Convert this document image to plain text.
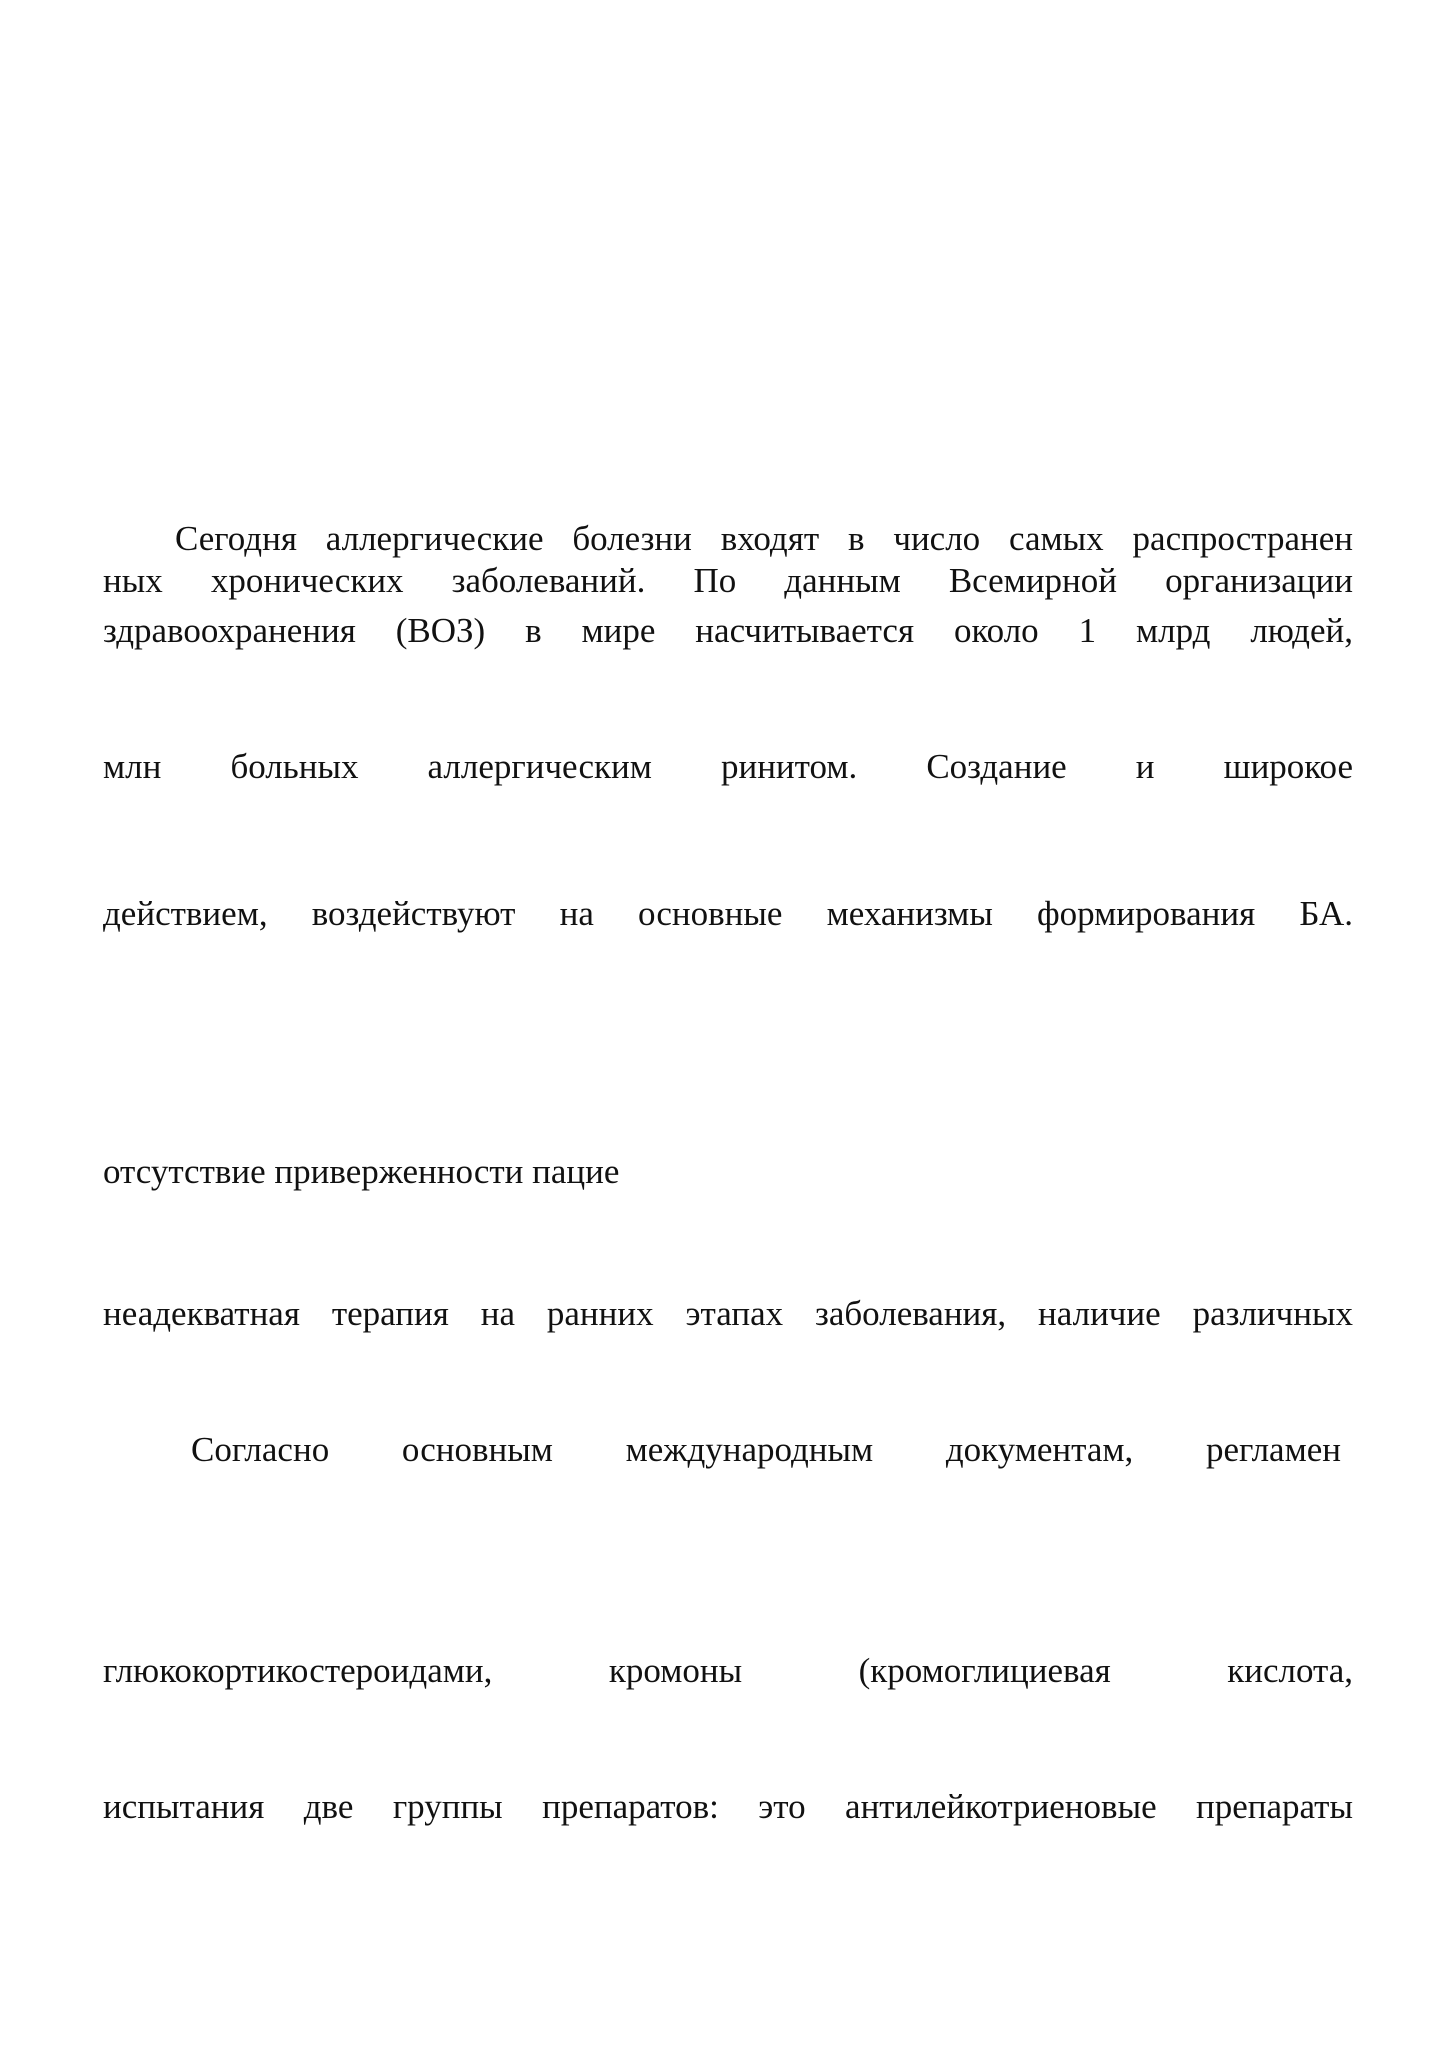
Сегодня аллергические болезни входят в число самых распространен
ных хронических заболеваний. По данным Всемирной организации
здравоохранения (ВОЗ) в мире насчитывается около 1 млрд людей,
млн больных аллергическим ринитом. Создание и широкое
действием, воздействуют на основные механизмы формирования БА.
отсутствие приверженности пацие
неадекватная терапия на ранних этапах заболевания, наличие различных
Согласно основным международным документам, регламен
глюкокортикостероидами, кромоны (кромоглициевая кислота,
испытания две группы препаратов: это антилейкотриеновые препараты
